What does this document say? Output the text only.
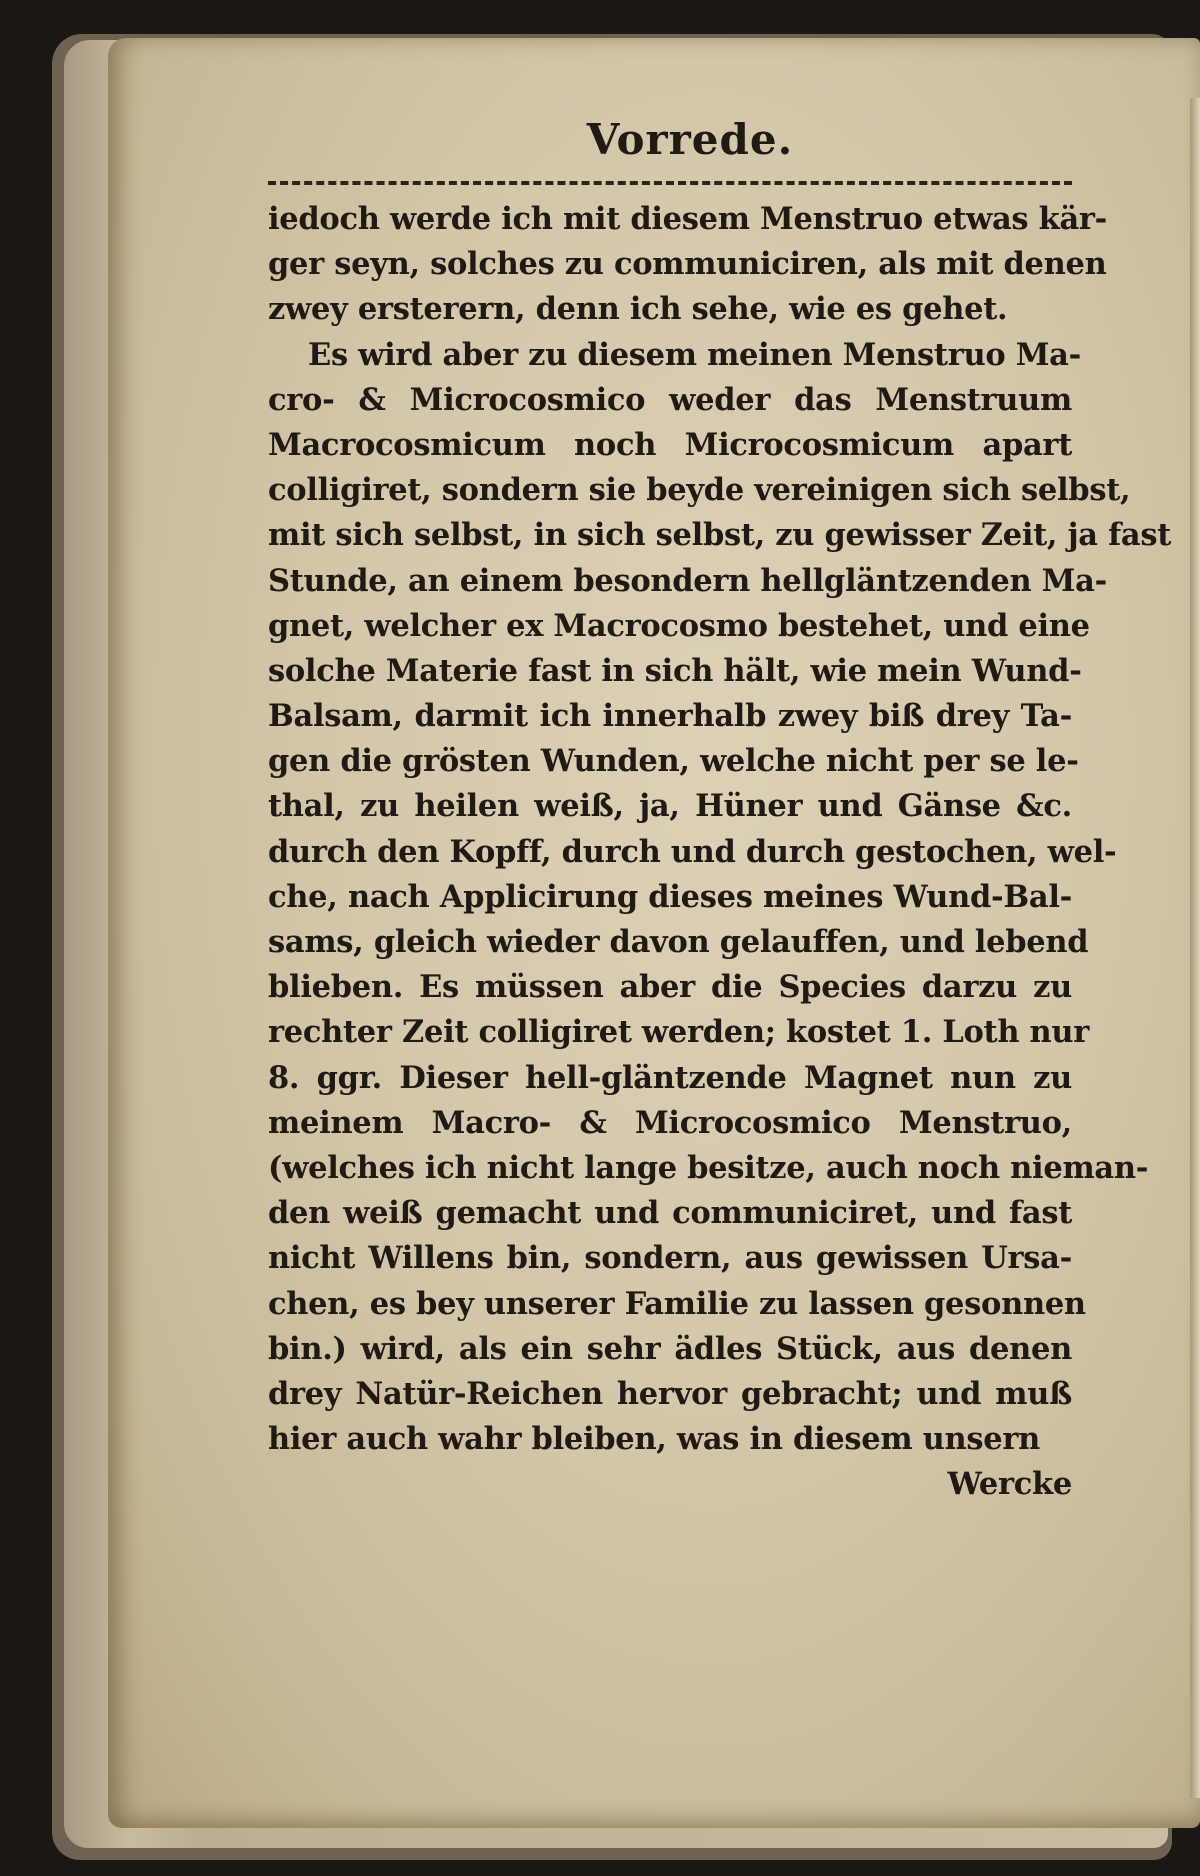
Vorrede.
iedoch werde ich mit diesem Menstruo etwas kär-
ger seyn, solches zu communiciren, als mit denen
zwey ersterern, denn ich sehe, wie es gehet.
Es wird aber zu diesem meinen Menstruo Ma-
cro- & Microcosmico weder das Menstruum
Macrocosmicum noch Microcosmicum apart
colligiret, sondern sie beyde vereinigen sich selbst,
mit sich selbst, in sich selbst, zu gewisser Zeit, ja fast
Stunde, an einem besondern hellgläntzenden Ma-
gnet, welcher ex Macrocosmo bestehet, und eine
solche Materie fast in sich hält, wie mein Wund-
Balsam, darmit ich innerhalb zwey biß drey Ta-
gen die grösten Wunden, welche nicht per se le-
thal, zu heilen weiß, ja, Hüner und Gänse &c.
durch den Kopff, durch und durch gestochen, wel-
che, nach Applicirung dieses meines Wund-Bal-
sams, gleich wieder davon gelauffen, und lebend
blieben. Es müssen aber die Species darzu zu
rechter Zeit colligiret werden; kostet 1. Loth nur
8. ggr. Dieser hell-gläntzende Magnet nun zu
meinem Macro- & Microcosmico Menstruo,
(welches ich nicht lange besitze, auch noch nieman-
den weiß gemacht und communiciret, und fast
nicht Willens bin, sondern, aus gewissen Ursa-
chen, es bey unserer Familie zu lassen gesonnen
bin.) wird, als ein sehr ädles Stück, aus denen
drey Natür-Reichen hervor gebracht; und muß
hier auch wahr bleiben, was in diesem unsern
Wercke
